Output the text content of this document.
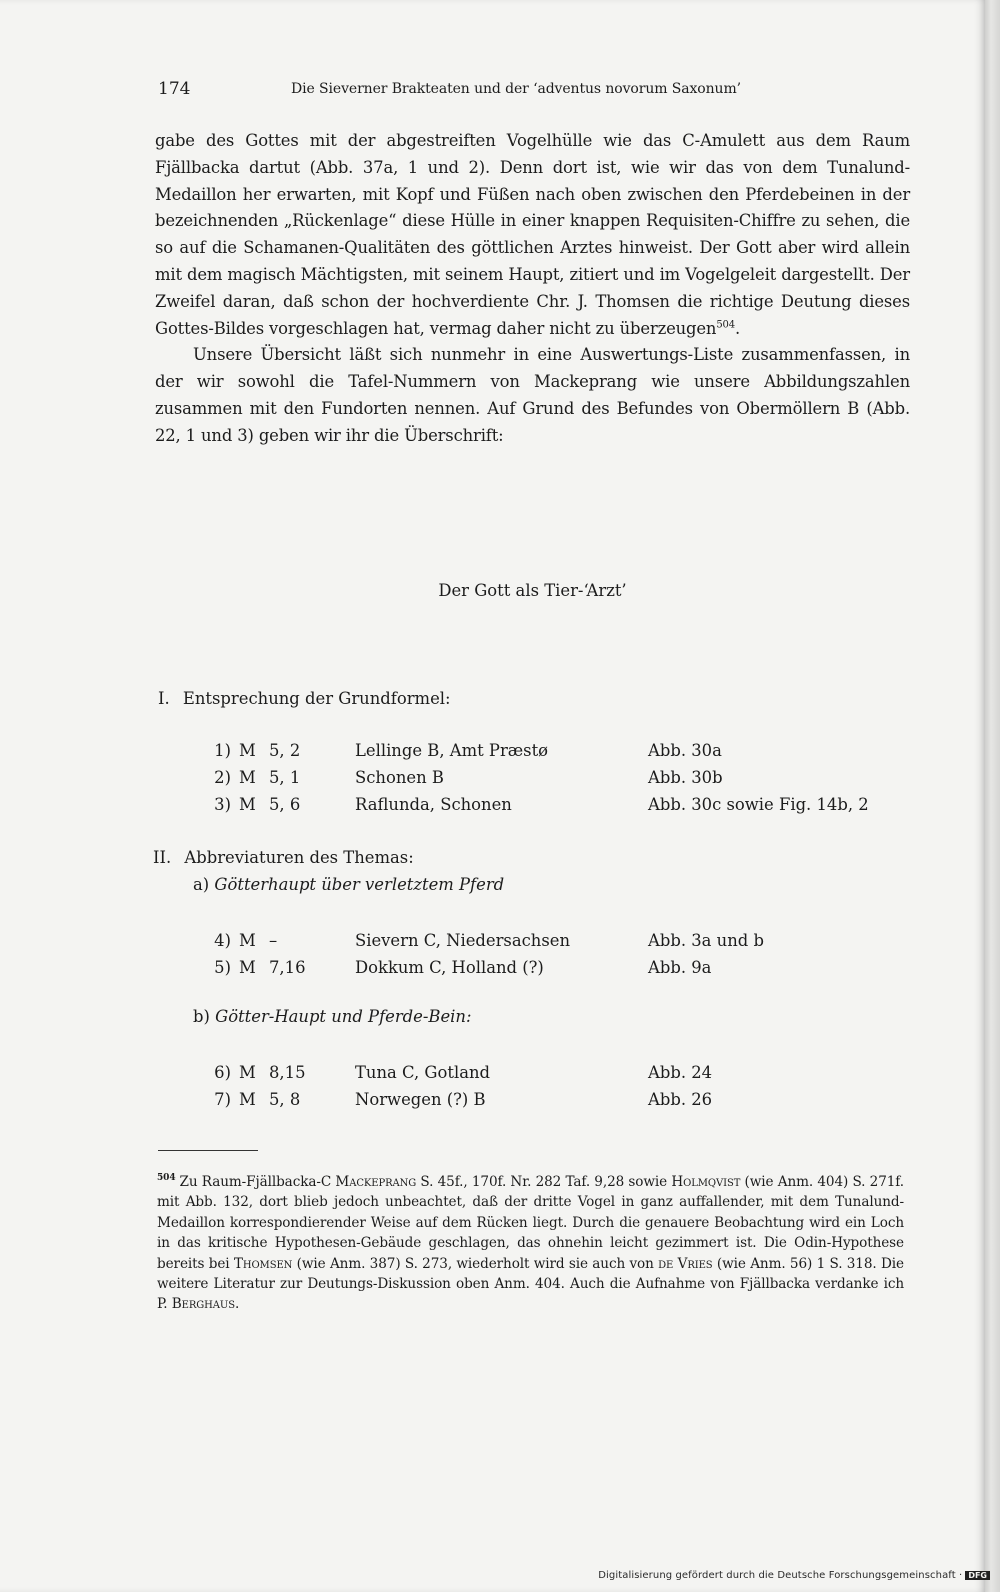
174	Die Sieverner Brakteaten und der ‘adventus novorum Saxonum’

gabe des Gottes mit der abgestreiften Vogelhülle wie das C-Amulett aus dem Raum Fjällbacka dartut (Abb. 37a, 1 und 2). Denn dort ist, wie wir das von dem Tunalund-Medaillon her erwarten, mit Kopf und Füßen nach oben zwischen den Pferdebeinen in der bezeichnenden „Rückenlage“ diese Hülle in einer knappen Requisiten-Chiffre zu sehen, die so auf die Schamanen-Qualitäten des göttlichen Arztes hinweist. Der Gott aber wird allein mit dem magisch Mächtigsten, mit seinem Haupt, zitiert und im Vogelgeleit dargestellt. Der Zweifel daran, daß schon der hochverdiente Chr. J. Thomsen die richtige Deutung dieses Gottes-Bildes vorgeschlagen hat, vermag daher nicht zu überzeugen$^{504}$.

Unsere Übersicht läßt sich nunmehr in eine Auswertungs-Liste zusammenfassen, in der wir sowohl die Tafel-Nummern von Mackeprang wie unsere Abbildungszahlen zusammen mit den Fundorten nennen. Auf Grund des Befundes von Obermöllern B (Abb. 22, 1 und 3) geben wir ihr die Überschrift:

Der Gott als Tier-‘Arzt’
I. Entsprechung der Grundformel:
1) M 5, 2	Lellinge B, Amt Præstø	Abb. 30a
2) M 5, 1	Schonen B	Abb. 30b
3) M 5, 6	Raflunda, Schonen	Abb. 30c sowie Fig. 14b, 2
II. Abbreviaturen des Themas:
a) Götterhaupt über verletztem Pferd
4) M –	Sievern C, Niedersachsen	Abb. 3a und b
5) M 7,16	Dokkum C, Holland (?)	Abb. 9a
b) Götter-Haupt und Pferde-Bein:
6) M 8,15	Tuna C, Gotland	Abb. 24
7) M 5, 8	Norwegen (?) B	Abb. 26
$^{504}$ Zu Raum-Fjällbacka-C Mackeprang S. 45f., 170f. Nr. 282 Taf. 9,28 sowie Holmqvist (wie Anm. 404) S. 271f. mit Abb. 132, dort blieb jedoch unbeachtet, daß der dritte Vogel in ganz auffallender, mit dem Tunalund-Medaillon korrespondierender Weise auf dem Rücken liegt. Durch die genauere Beobachtung wird ein Loch in das kritische Hypothesen-Gebäude geschlagen, das ohnehin leicht gezimmert ist. Die Odin-Hypothese bereits bei Thomsen (wie Anm. 387) S. 273, wiederholt wird sie auch von de Vries (wie Anm. 56) 1 S. 318. Die weitere Literatur zur Deutungs-Diskussion oben Anm. 404. Auch die Aufnahme von Fjällbacka verdanke ich P. Berghaus.
Digitalisierung gefördert durch die Deutsche Forschungsgemeinschaft · DFG
